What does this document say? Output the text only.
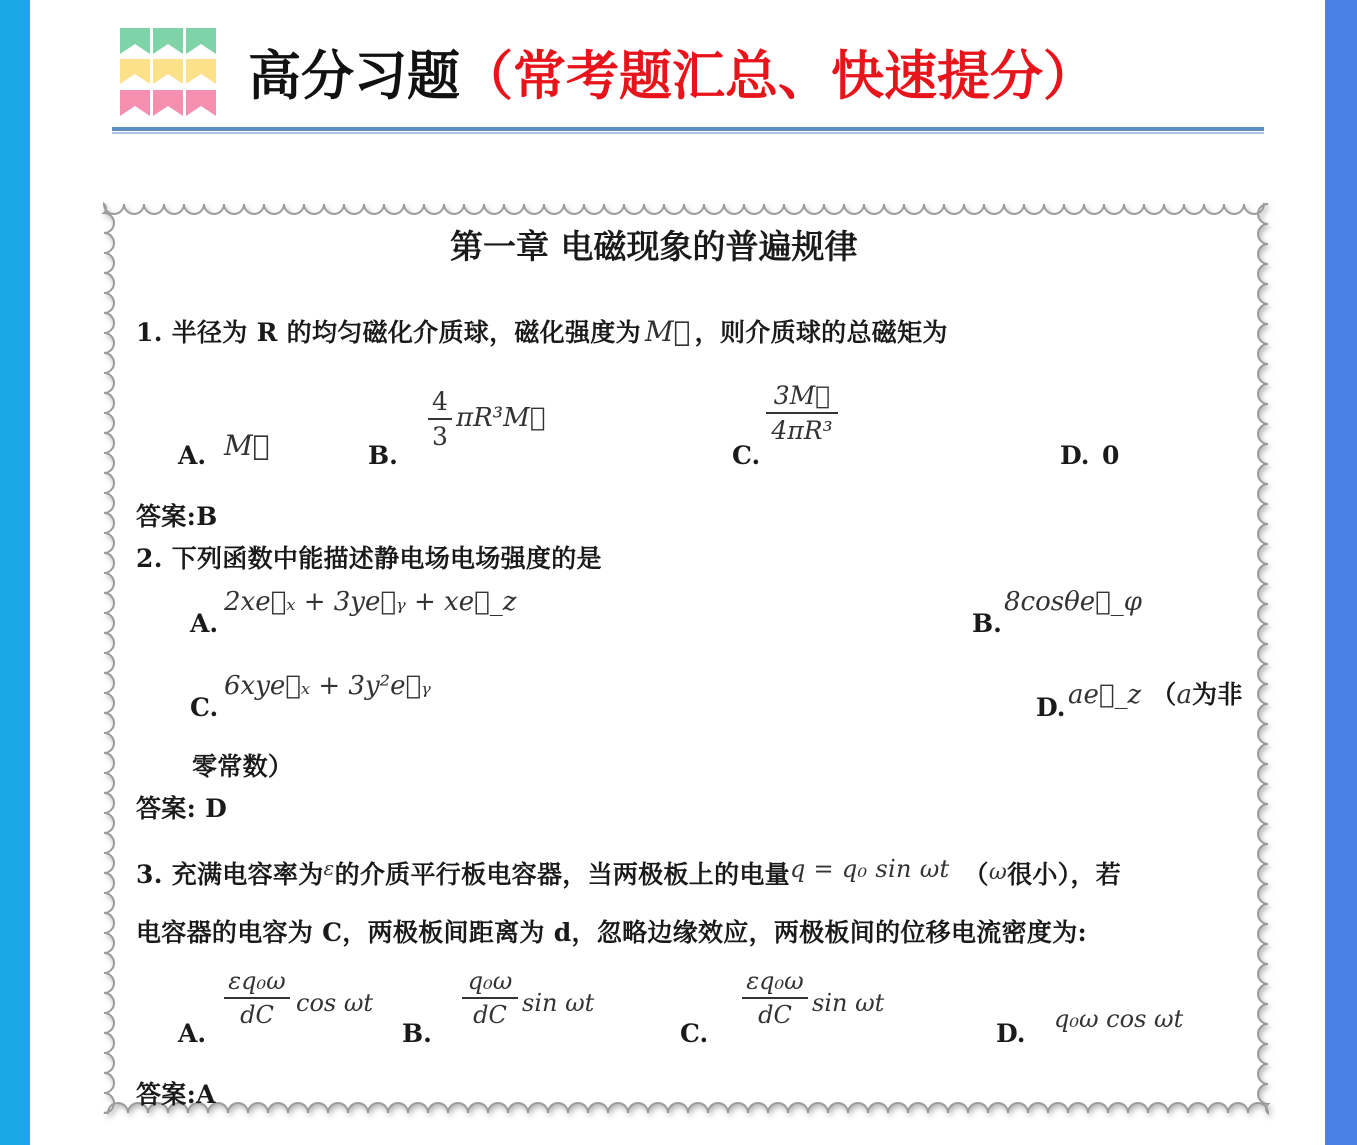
高分习题（常考题汇总、快速提分）
第一章 电磁现象的普遍规律
1. 半径为 R 的均匀磁化介质球，磁化强度为 M⃗ ，则介质球的总磁矩为
A. M⃗	B.
4
3
πR³M⃗
C.
3M⃗
4πR³
D. 0
答案:B
2. 下列函数中能描述静电场电场强度的是
A.
2xe⃗ₓ + 3ye⃗ᵧ + xe⃗_z
B.
8cosθe⃗_φ
C.
6xye⃗ₓ + 3y²e⃗ᵧ
D. ae⃗_z （a为非
零常数）
答案: D
3. 充满电容率为$^\varepsilon$的介质平行板电容器，当两极板上的电量q = q₀ sin ωt （ω很小），若
电容器的电容为 C，两极板间距离为 d，忽略边缘效应，两极板间的位移电流密度为:
A.
εq₀ω
dC cos ωt
B.
q₀ω
dC sin ωt
C.
εq₀ω
dC sin ωt
D. q₀ω cos ωt
答案:A
